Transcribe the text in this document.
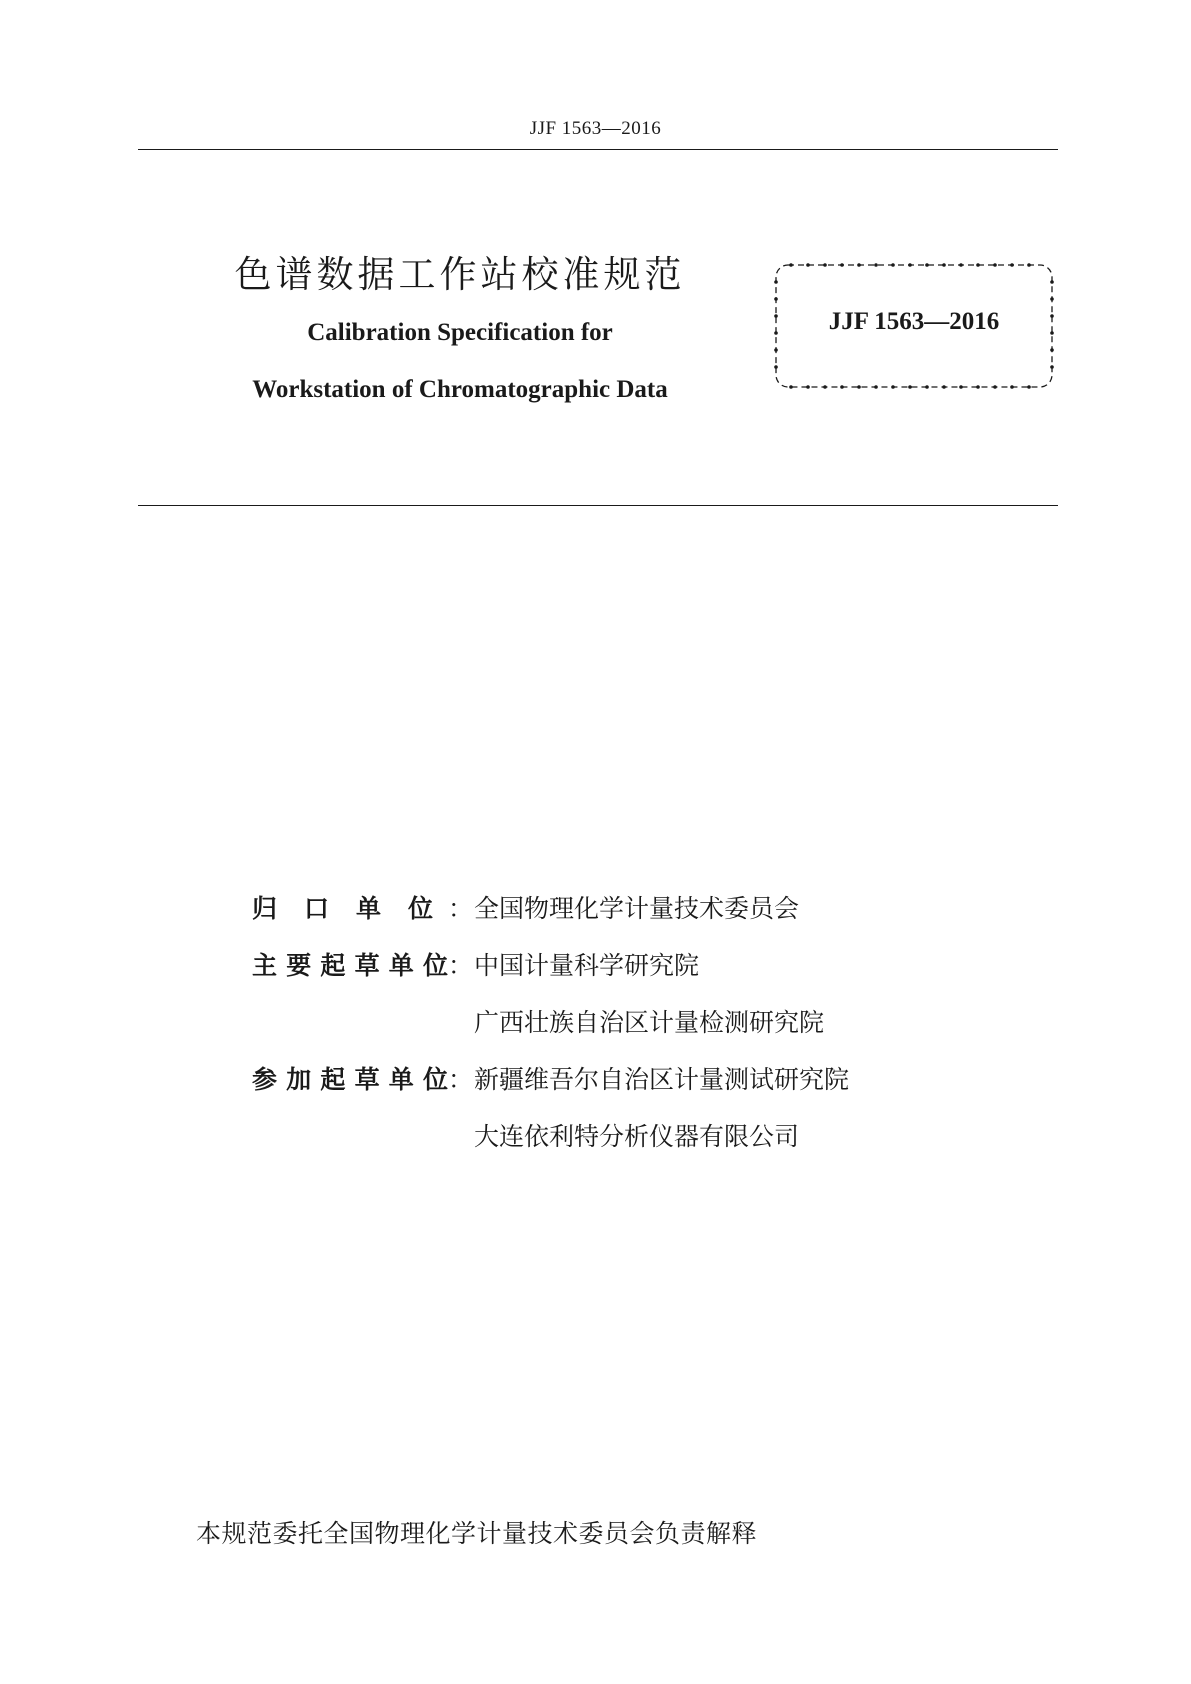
JJF 1563—2016
色谱数据工作站校准规范
Calibration Specification for
Workstation of Chromatographic Data
JJF 1563—2016
归 口 单 位 ： 全国物理化学计量技术委员会
主要起草单位 ： 中国计量科学研究院
广西壮族自治区计量检测研究院
参加起草单位 ： 新疆维吾尔自治区计量测试研究院
大连依利特分析仪器有限公司
本规范委托全国物理化学计量技术委员会负责解释
